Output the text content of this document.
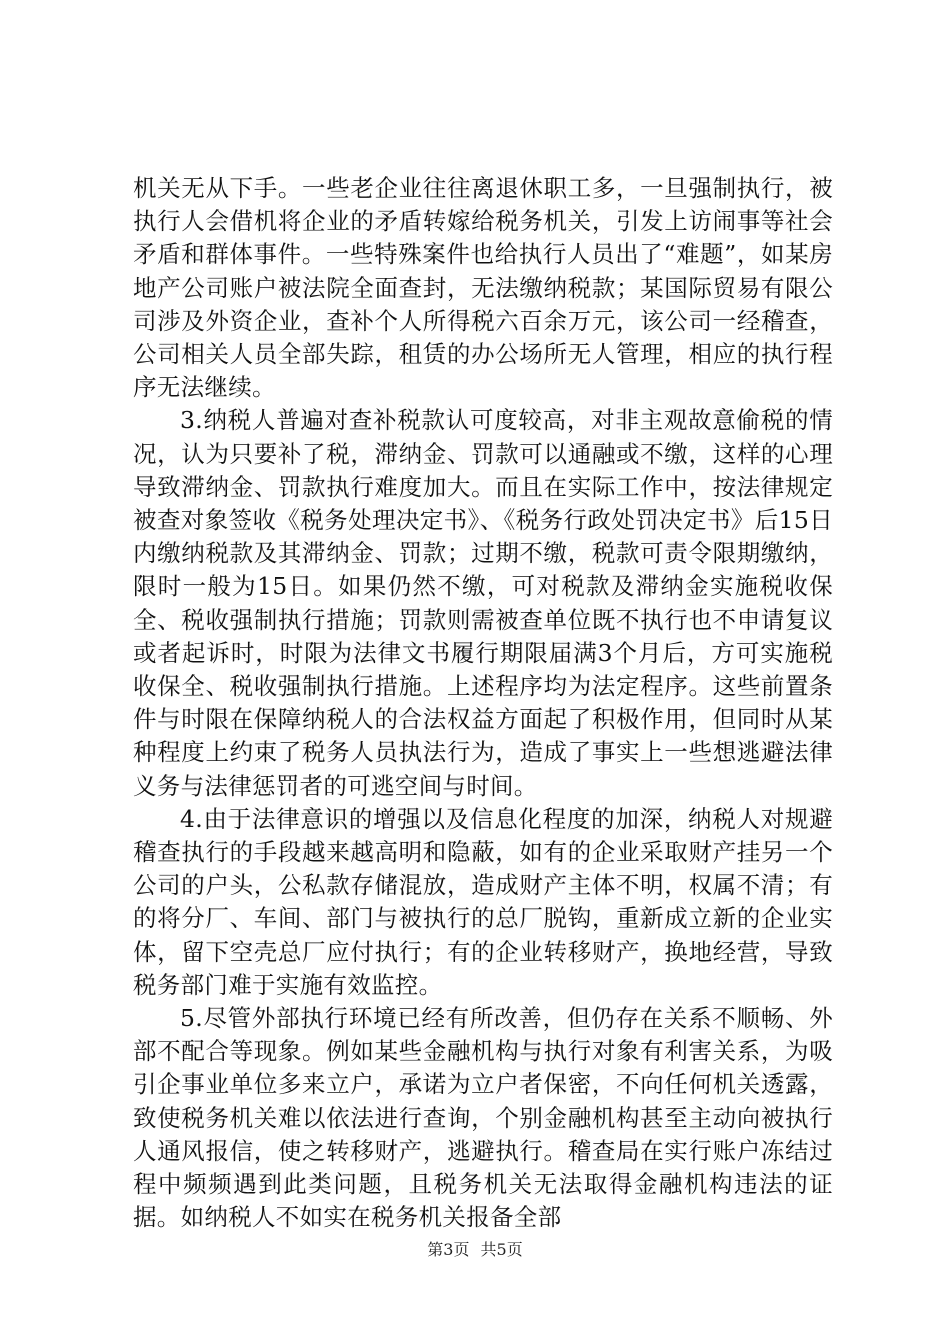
机关无从下手。一些老企业往往离退休职工多，一旦强制执行，被执行人会借机将企业的矛盾转嫁给税务机关，引发上访闹事等社会矛盾和群体事件。一些特殊案件也给执行人员出了“难题”，如某房地产公司账户被法院全面查封，无法缴纳税款；某国际贸易有限公司涉及外资企业，查补个人所得税六百余万元，该公司一经稽查，公司相关人员全部失踪，租赁的办公场所无人管理，相应的执行程序无法继续。

3.纳税人普遍对查补税款认可度较高，对非主观故意偷税的情况，认为只要补了税，滞纳金、罚款可以通融或不缴，这样的心理导致滞纳金、罚款执行难度加大。而且在实际工作中，按法律规定被查对象签收《税务处理决定书》、《税务行政处罚决定书》后15日内缴纳税款及其滞纳金、罚款；过期不缴，税款可责令限期缴纳，限时一般为15日。如果仍然不缴，可对税款及滞纳金实施税收保全、税收强制执行措施；罚款则需被查单位既不执行也不申请复议或者起诉时，时限为法律文书履行期限届满3个月后，方可实施税收保全、税收强制执行措施。上述程序均为法定程序。这些前置条件与时限在保障纳税人的合法权益方面起了积极作用，但同时从某种程度上约束了税务人员执法行为，造成了事实上一些想逃避法律义务与法律惩罚者的可逃空间与时间。

4.由于法律意识的增强以及信息化程度的加深，纳税人对规避稽查执行的手段越来越高明和隐蔽，如有的企业采取财产挂另一个公司的户头，公私款存储混放，造成财产主体不明，权属不清；有的将分厂、车间、部门与被执行的总厂脱钩，重新成立新的企业实体，留下空壳总厂应付执行；有的企业转移财产，换地经营，导致税务部门难于实施有效监控。

5.尽管外部执行环境已经有所改善，但仍存在关系不顺畅、外部不配合等现象。例如某些金融机构与执行对象有利害关系，为吸引企事业单位多来立户，承诺为立户者保密，不向任何机关透露，致使税务机关难以依法进行查询，个别金融机构甚至主动向被执行人通风报信，使之转移财产，逃避执行。稽查局在实行账户冻结过程中频频遇到此类问题，且税务机关无法取得金融机构违法的证据。如纳税人不如实在税务机关报备全部

第3页 共5页
